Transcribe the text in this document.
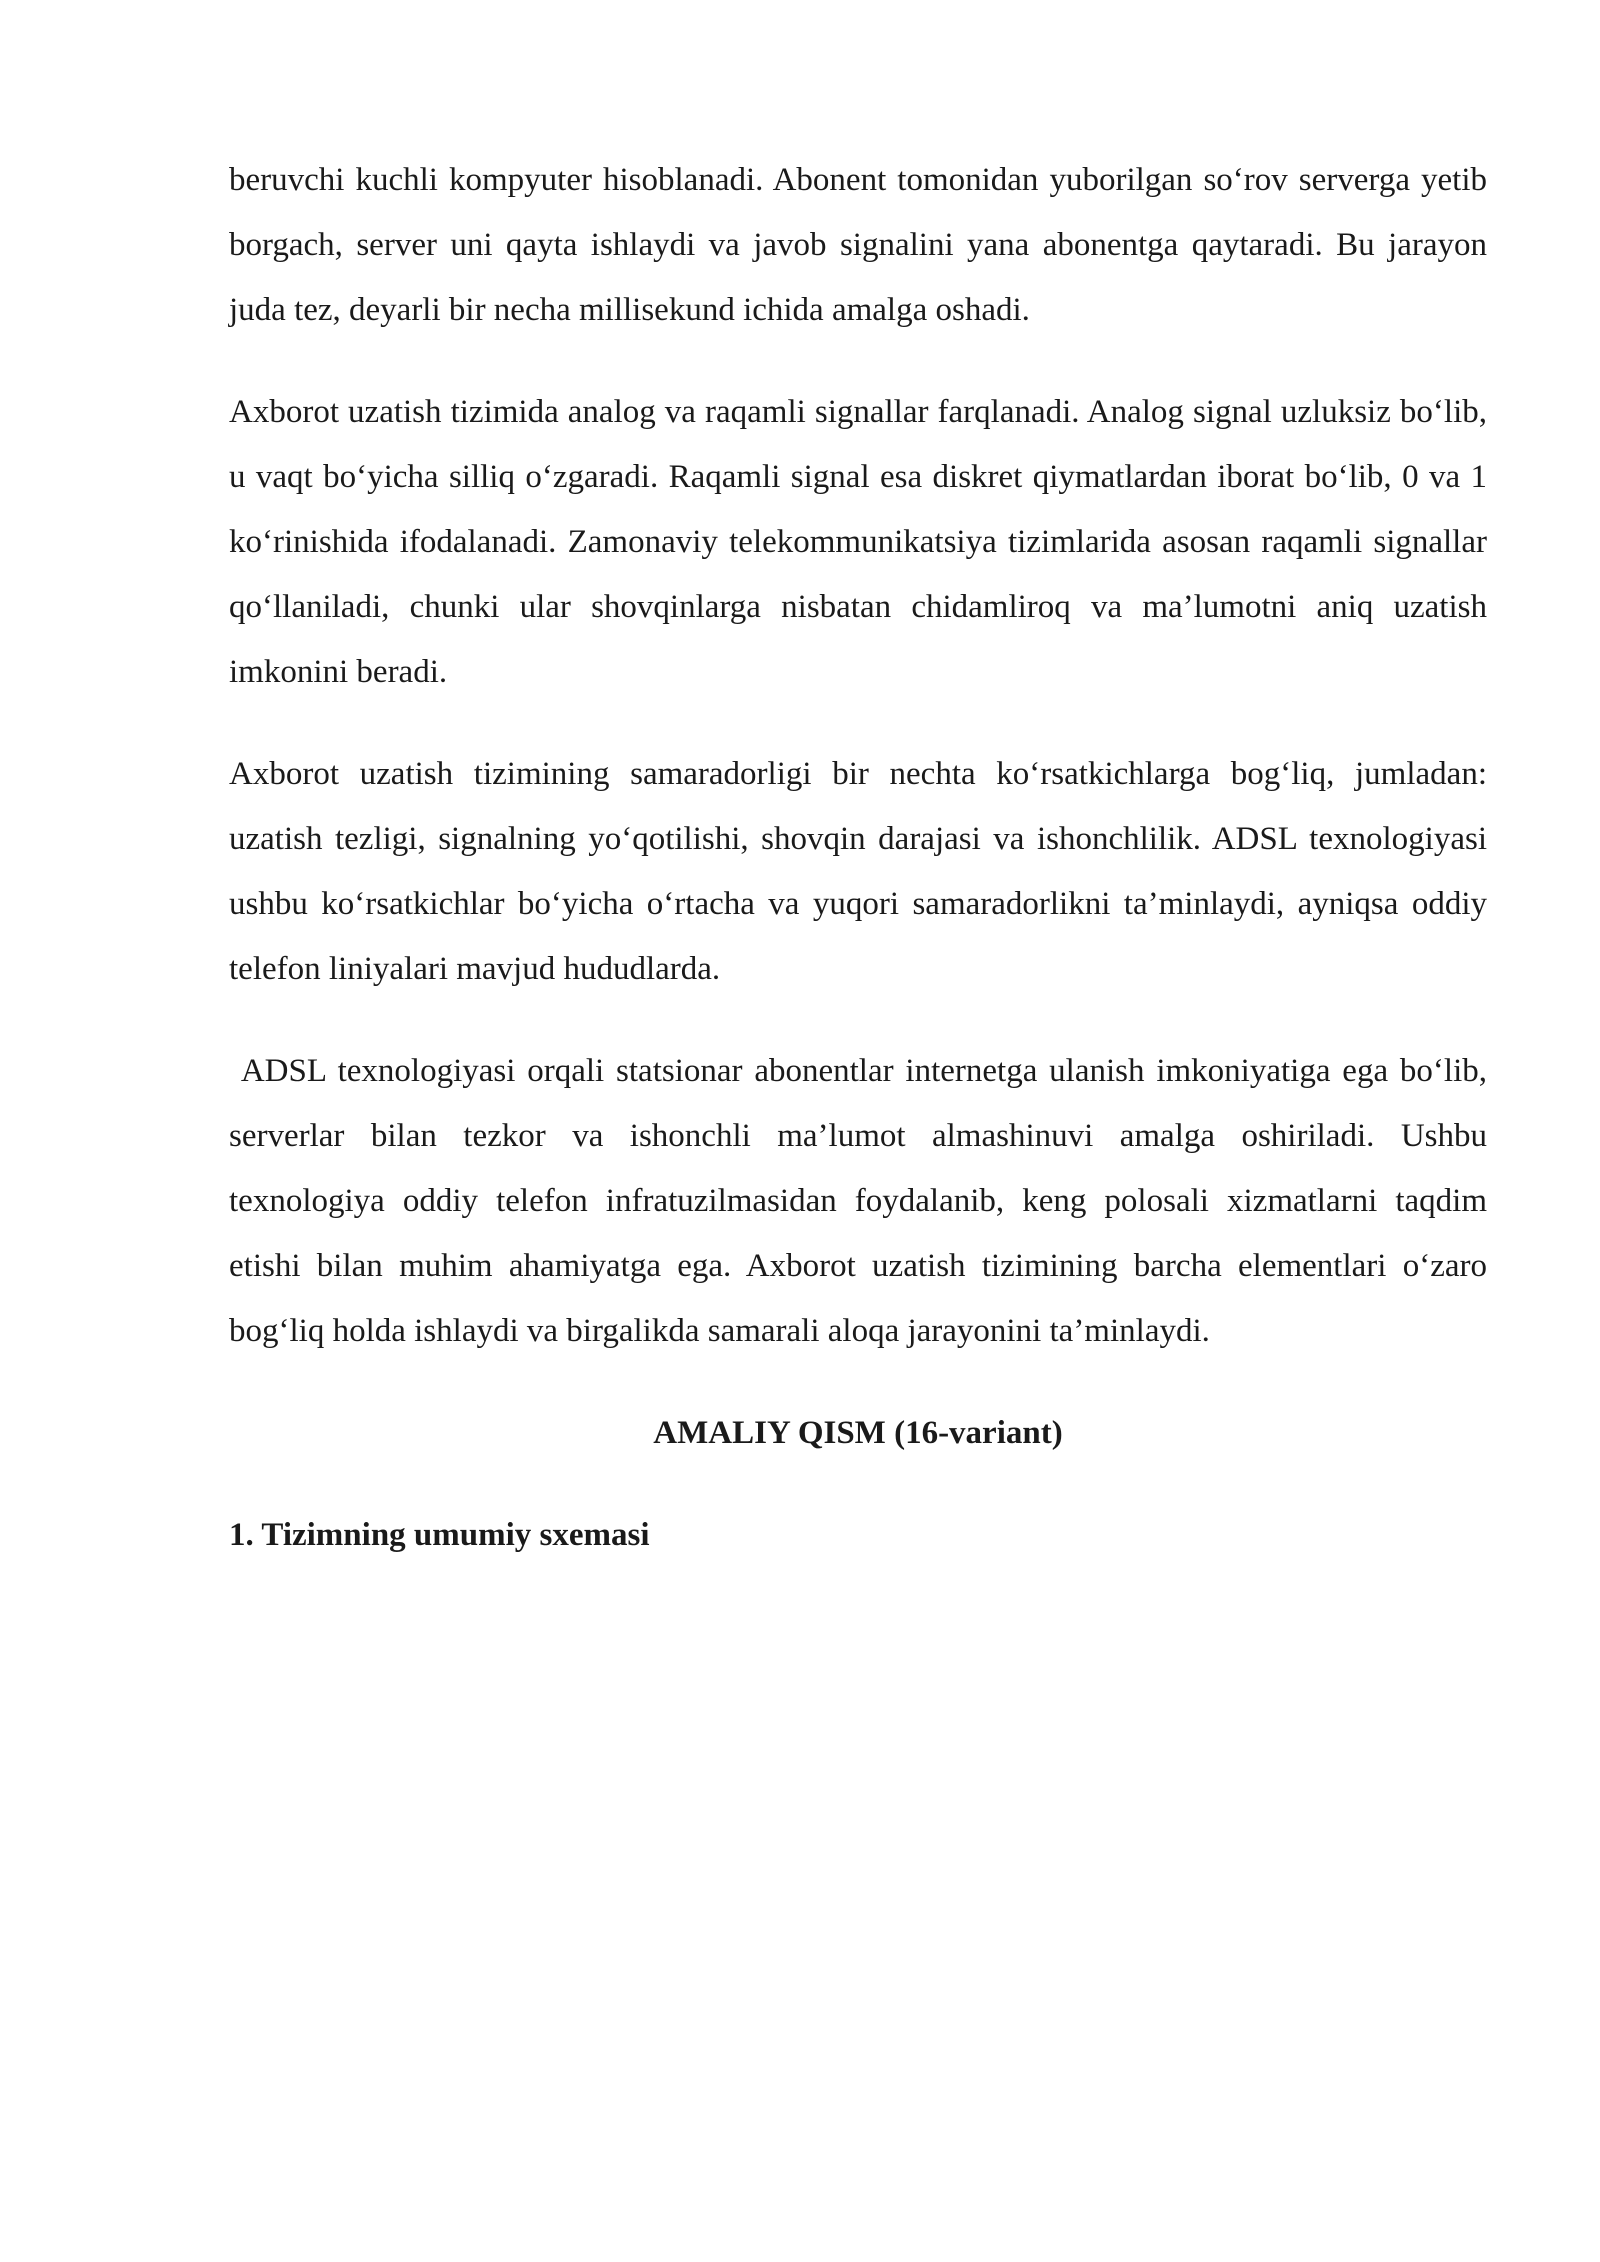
beruvchi kuchli kompyuter hisoblanadi. Abonent tomonidan yuborilgan so‘rov serverga yetib borgach, server uni qayta ishlaydi va javob signalini yana abonentga qaytaradi. Bu jarayon juda tez, deyarli bir necha millisekund ichida amalga oshadi.

Axborot uzatish tizimida analog va raqamli signallar farqlanadi. Analog signal uzluksiz bo‘lib, u vaqt bo‘yicha silliq o‘zgaradi. Raqamli signal esa diskret qiymatlardan iborat bo‘lib, 0 va 1 ko‘rinishida ifodalanadi. Zamonaviy telekommunikatsiya tizimlarida asosan raqamli signallar qo‘llaniladi, chunki ular shovqinlarga nisbatan chidamliroq va ma’lumotni aniq uzatish imkonini beradi.

Axborot uzatish tizimining samaradorligi bir nechta ko‘rsatkichlarga bog‘liq, jumladan: uzatish tezligi, signalning yo‘qotilishi, shovqin darajasi va ishonchlilik. ADSL texnologiyasi ushbu ko‘rsatkichlar bo‘yicha o‘rtacha va yuqori samaradorlikni ta’minlaydi, ayniqsa oddiy telefon liniyalari mavjud hududlarda.

ADSL texnologiyasi orqali statsionar abonentlar internetga ulanish imkoniyatiga ega bo‘lib, serverlar bilan tezkor va ishonchli ma’lumot almashinuvi amalga oshiriladi. Ushbu texnologiya oddiy telefon infratuzilmasidan foydalanib, keng polosali xizmatlarni taqdim etishi bilan muhim ahamiyatga ega. Axborot uzatish tizimining barcha elementlari o‘zaro bog‘liq holda ishlaydi va birgalikda samarali aloqa jarayonini ta’minlaydi.

AMALIY QISM (16-variant)
1. Tizimning umumiy sxemasi
